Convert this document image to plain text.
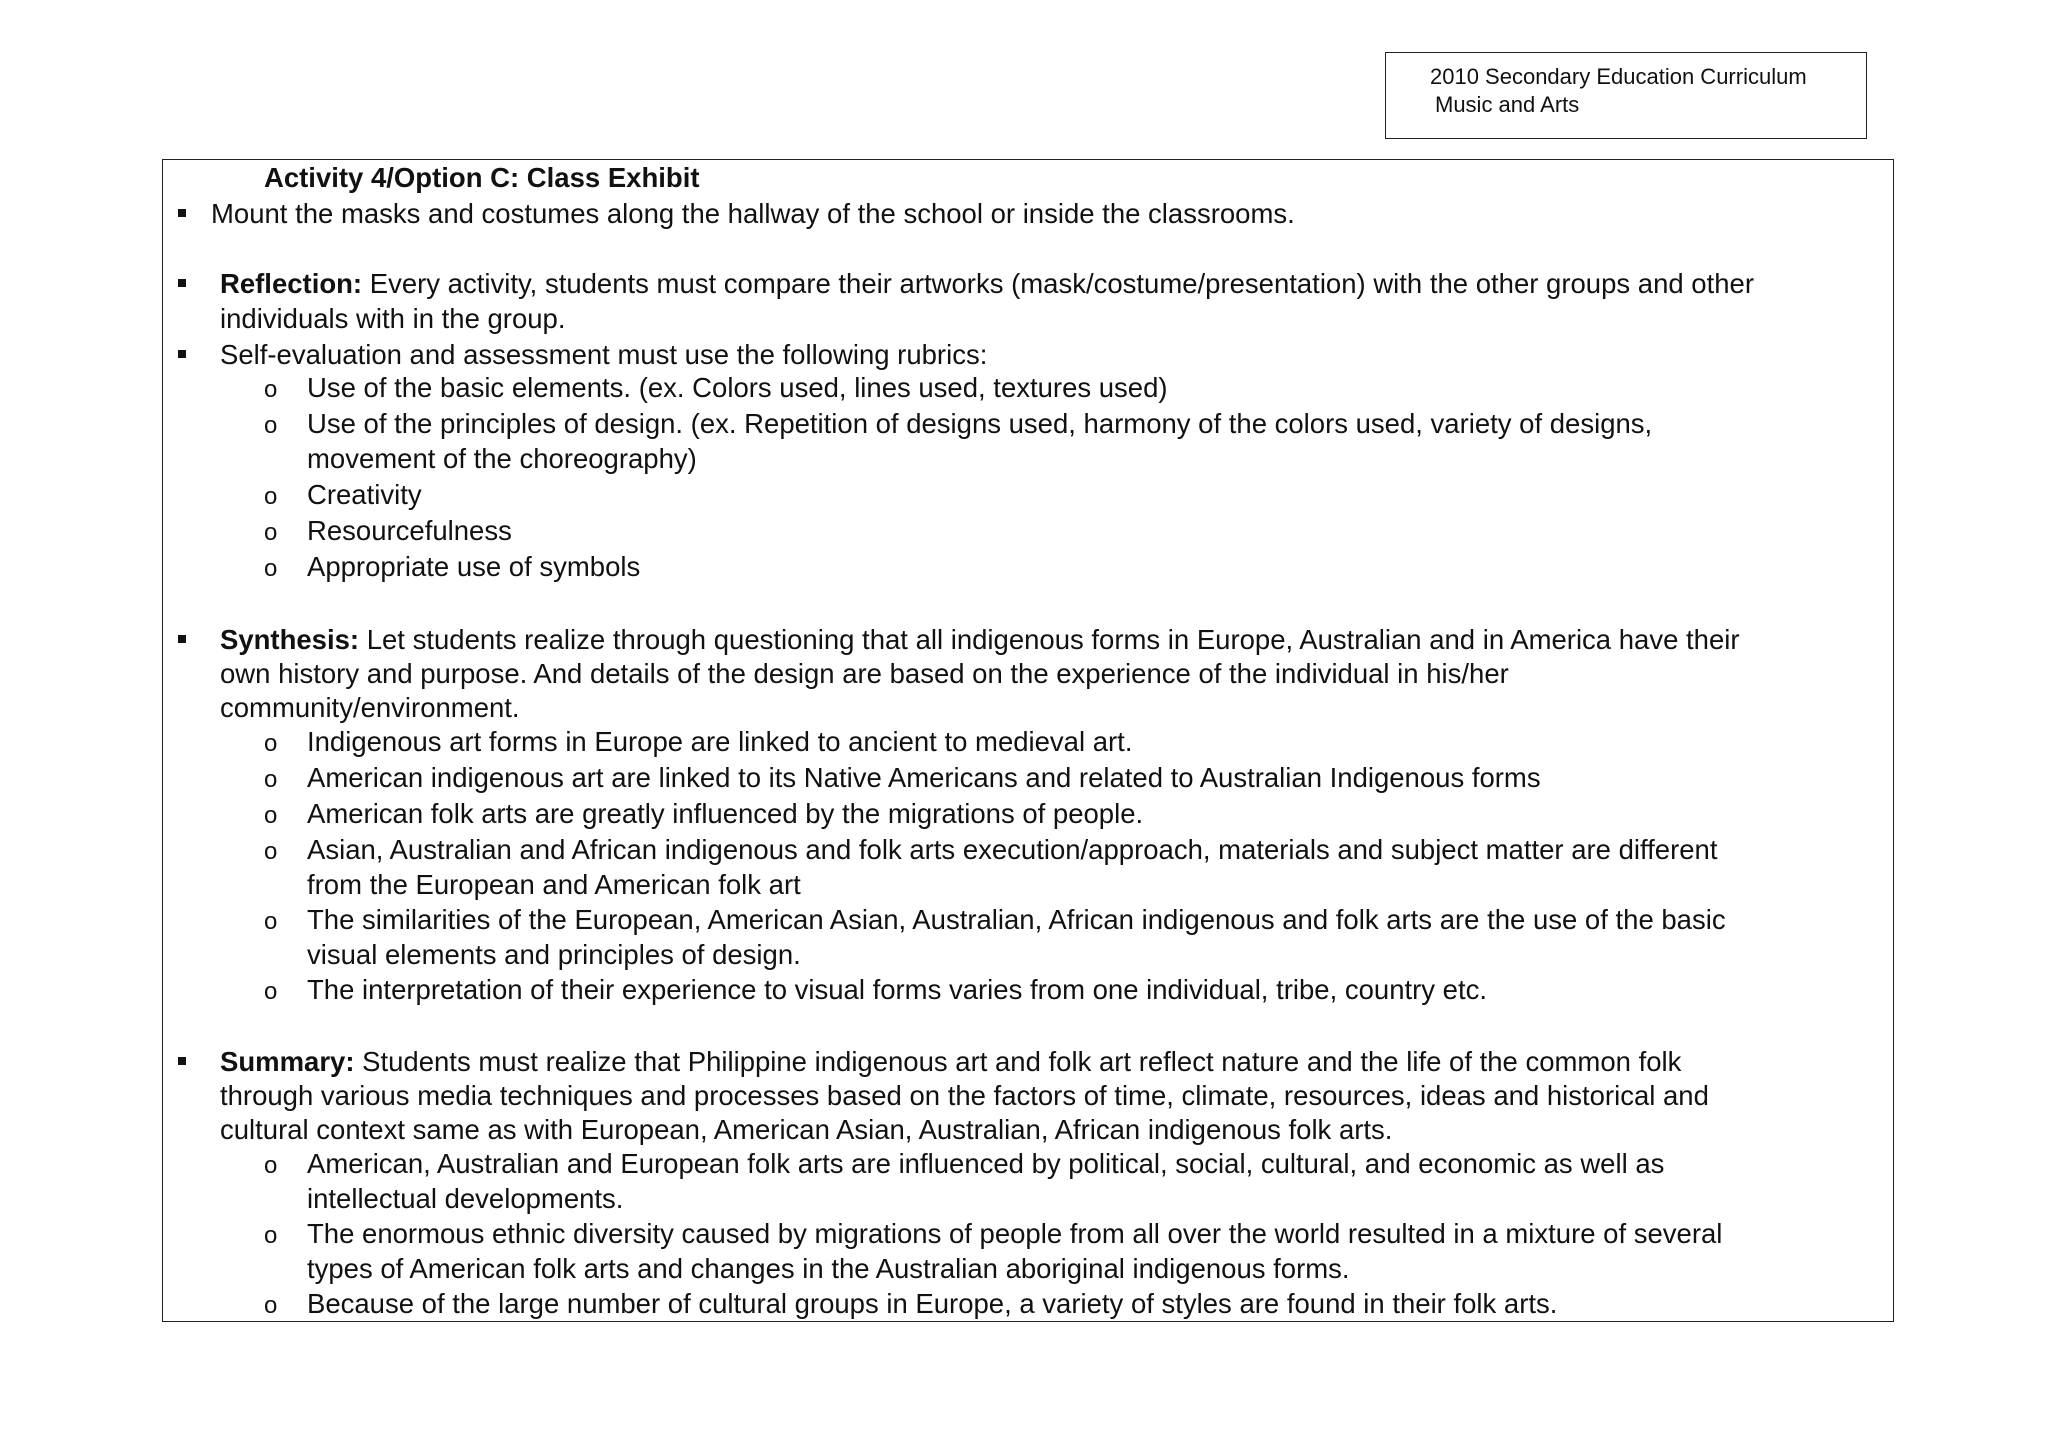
2010 Secondary Education Curriculum
Music and Arts
Activity 4/Option C: Class Exhibit
Mount the masks and costumes along the hallway of the school or inside the classrooms.
Reflection: Every activity, students must compare their artworks (mask/costume/presentation) with the other groups and other
individuals with in the group.
Self-evaluation and assessment must use the following rubrics:
o Use of the basic elements. (ex. Colors used, lines used, textures used)
o Use of the principles of design. (ex. Repetition of designs used, harmony of the colors used, variety of designs,
movement of the choreography)
o Creativity
o Resourcefulness
o Appropriate use of symbols
Synthesis: Let students realize through questioning that all indigenous forms in Europe, Australian and in America have their
own history and purpose. And details of the design are based on the experience of the individual in his/her
community/environment.
o Indigenous art forms in Europe are linked to ancient to medieval art.
o American indigenous art are linked to its Native Americans and related to Australian Indigenous forms
o American folk arts are greatly influenced by the migrations of people.
o Asian, Australian and African indigenous and folk arts execution/approach, materials and subject matter are different
from the European and American folk art
o The similarities of the European, American Asian, Australian, African indigenous and folk arts are the use of the basic
visual elements and principles of design.
o The interpretation of their experience to visual forms varies from one individual, tribe, country etc.
Summary: Students must realize that Philippine indigenous art and folk art reflect nature and the life of the common folk
through various media techniques and processes based on the factors of time, climate, resources, ideas and historical and
cultural context same as with European, American Asian, Australian, African indigenous folk arts.
o American, Australian and European folk arts are influenced by political, social, cultural, and economic as well as
intellectual developments.
o The enormous ethnic diversity caused by migrations of people from all over the world resulted in a mixture of several
types of American folk arts and changes in the Australian aboriginal indigenous forms.
o Because of the large number of cultural groups in Europe, a variety of styles are found in their folk arts.
